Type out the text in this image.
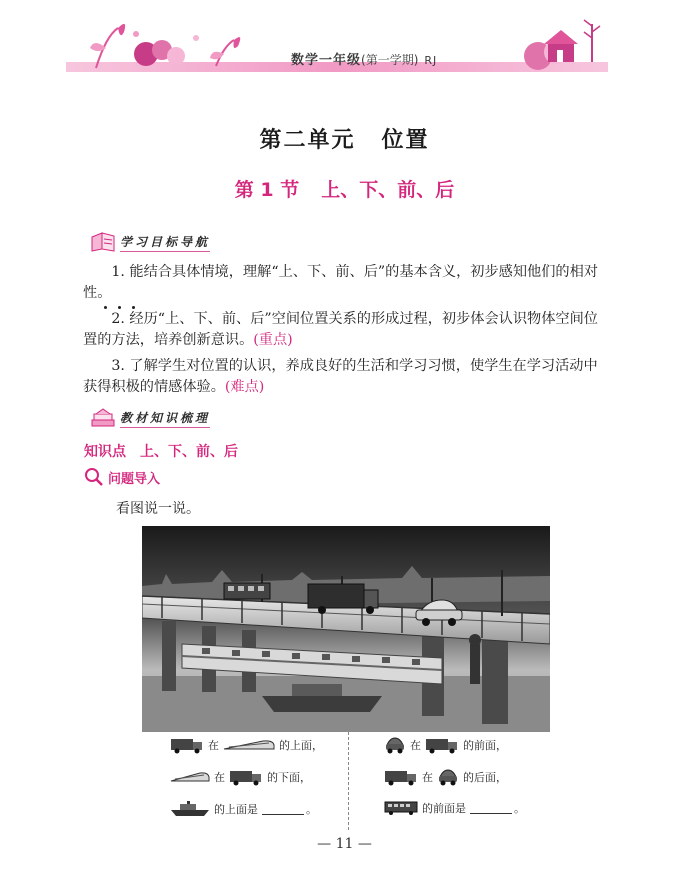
数学一年级(第一学期) RJ
第二单元 位置
第 1 节 上、下、前、后
学习目标导航
1. 能结合具体情境，理解“上、下、前、后”的基本含义，初步感知他们的相对性。
2. 经历“上、下、前、后”空间位置关系的形成过程，初步体会认识物体空间位置的方法，培养创新意识。(重点)
3. 了解学生对位置的认识，养成良好的生活和学习习惯，使学生在学习活动中获得积极的情感体验。(难点)
教材知识梳理
知识点 上、下、前、后
问题导入
看图说一说。
在	的上面，
在	的下面，
的上面是	。
在	的前面，
在	的后面，
的前面是	。
— 11 —
